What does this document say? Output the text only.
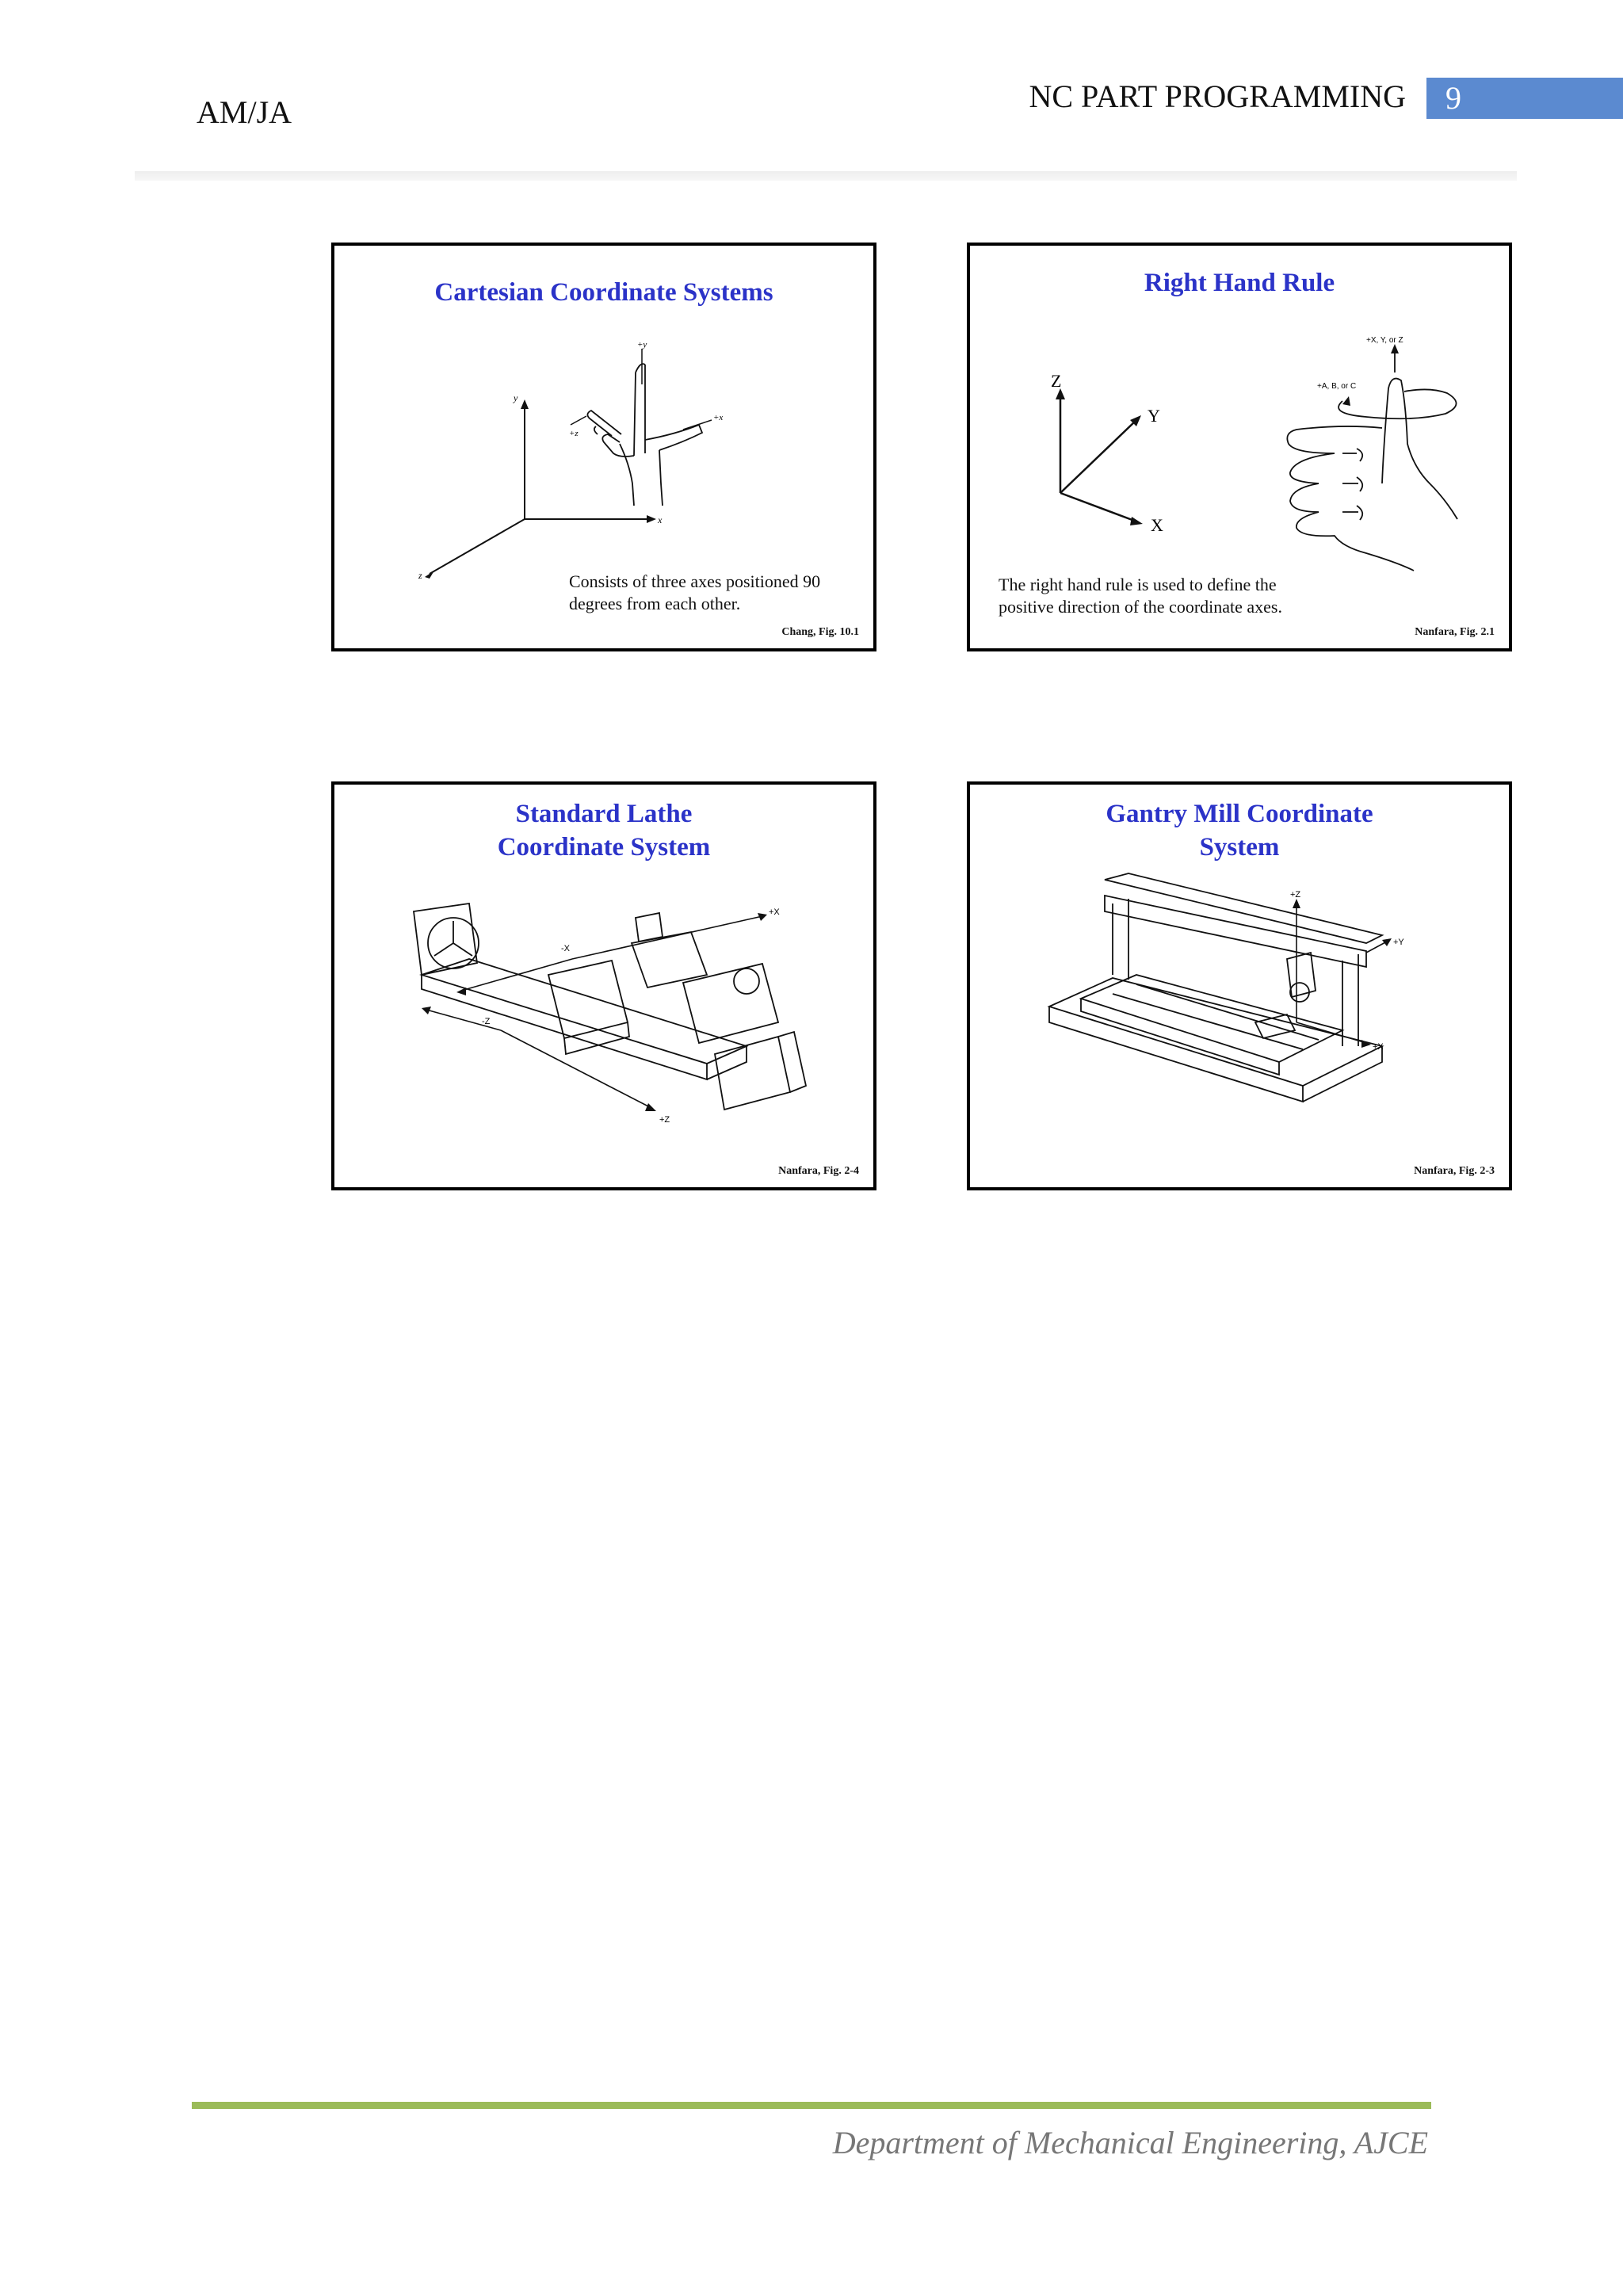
AM/JA	NC PART PROGRAMMING 9
y
x
z
+y
+x
+z
Cartesian Coordinate Systems
Consists of three axes positioned 90
degrees from each other.
Chang, Fig. 10.1
Z
Y
X
+X, Y, or Z
+A, B, or C
Right Hand Rule
The right hand rule is used to define the
positive direction of the coordinate axes.
Nanfara, Fig. 2.1
+X
-X
-Z
+Z
Standard Lathe
Coordinate System
Nanfara, Fig. 2-4
+Z
+Y
+X
Gantry Mill Coordinate
System
Nanfara, Fig. 2-3
Department of Mechanical Engineering, AJCE
